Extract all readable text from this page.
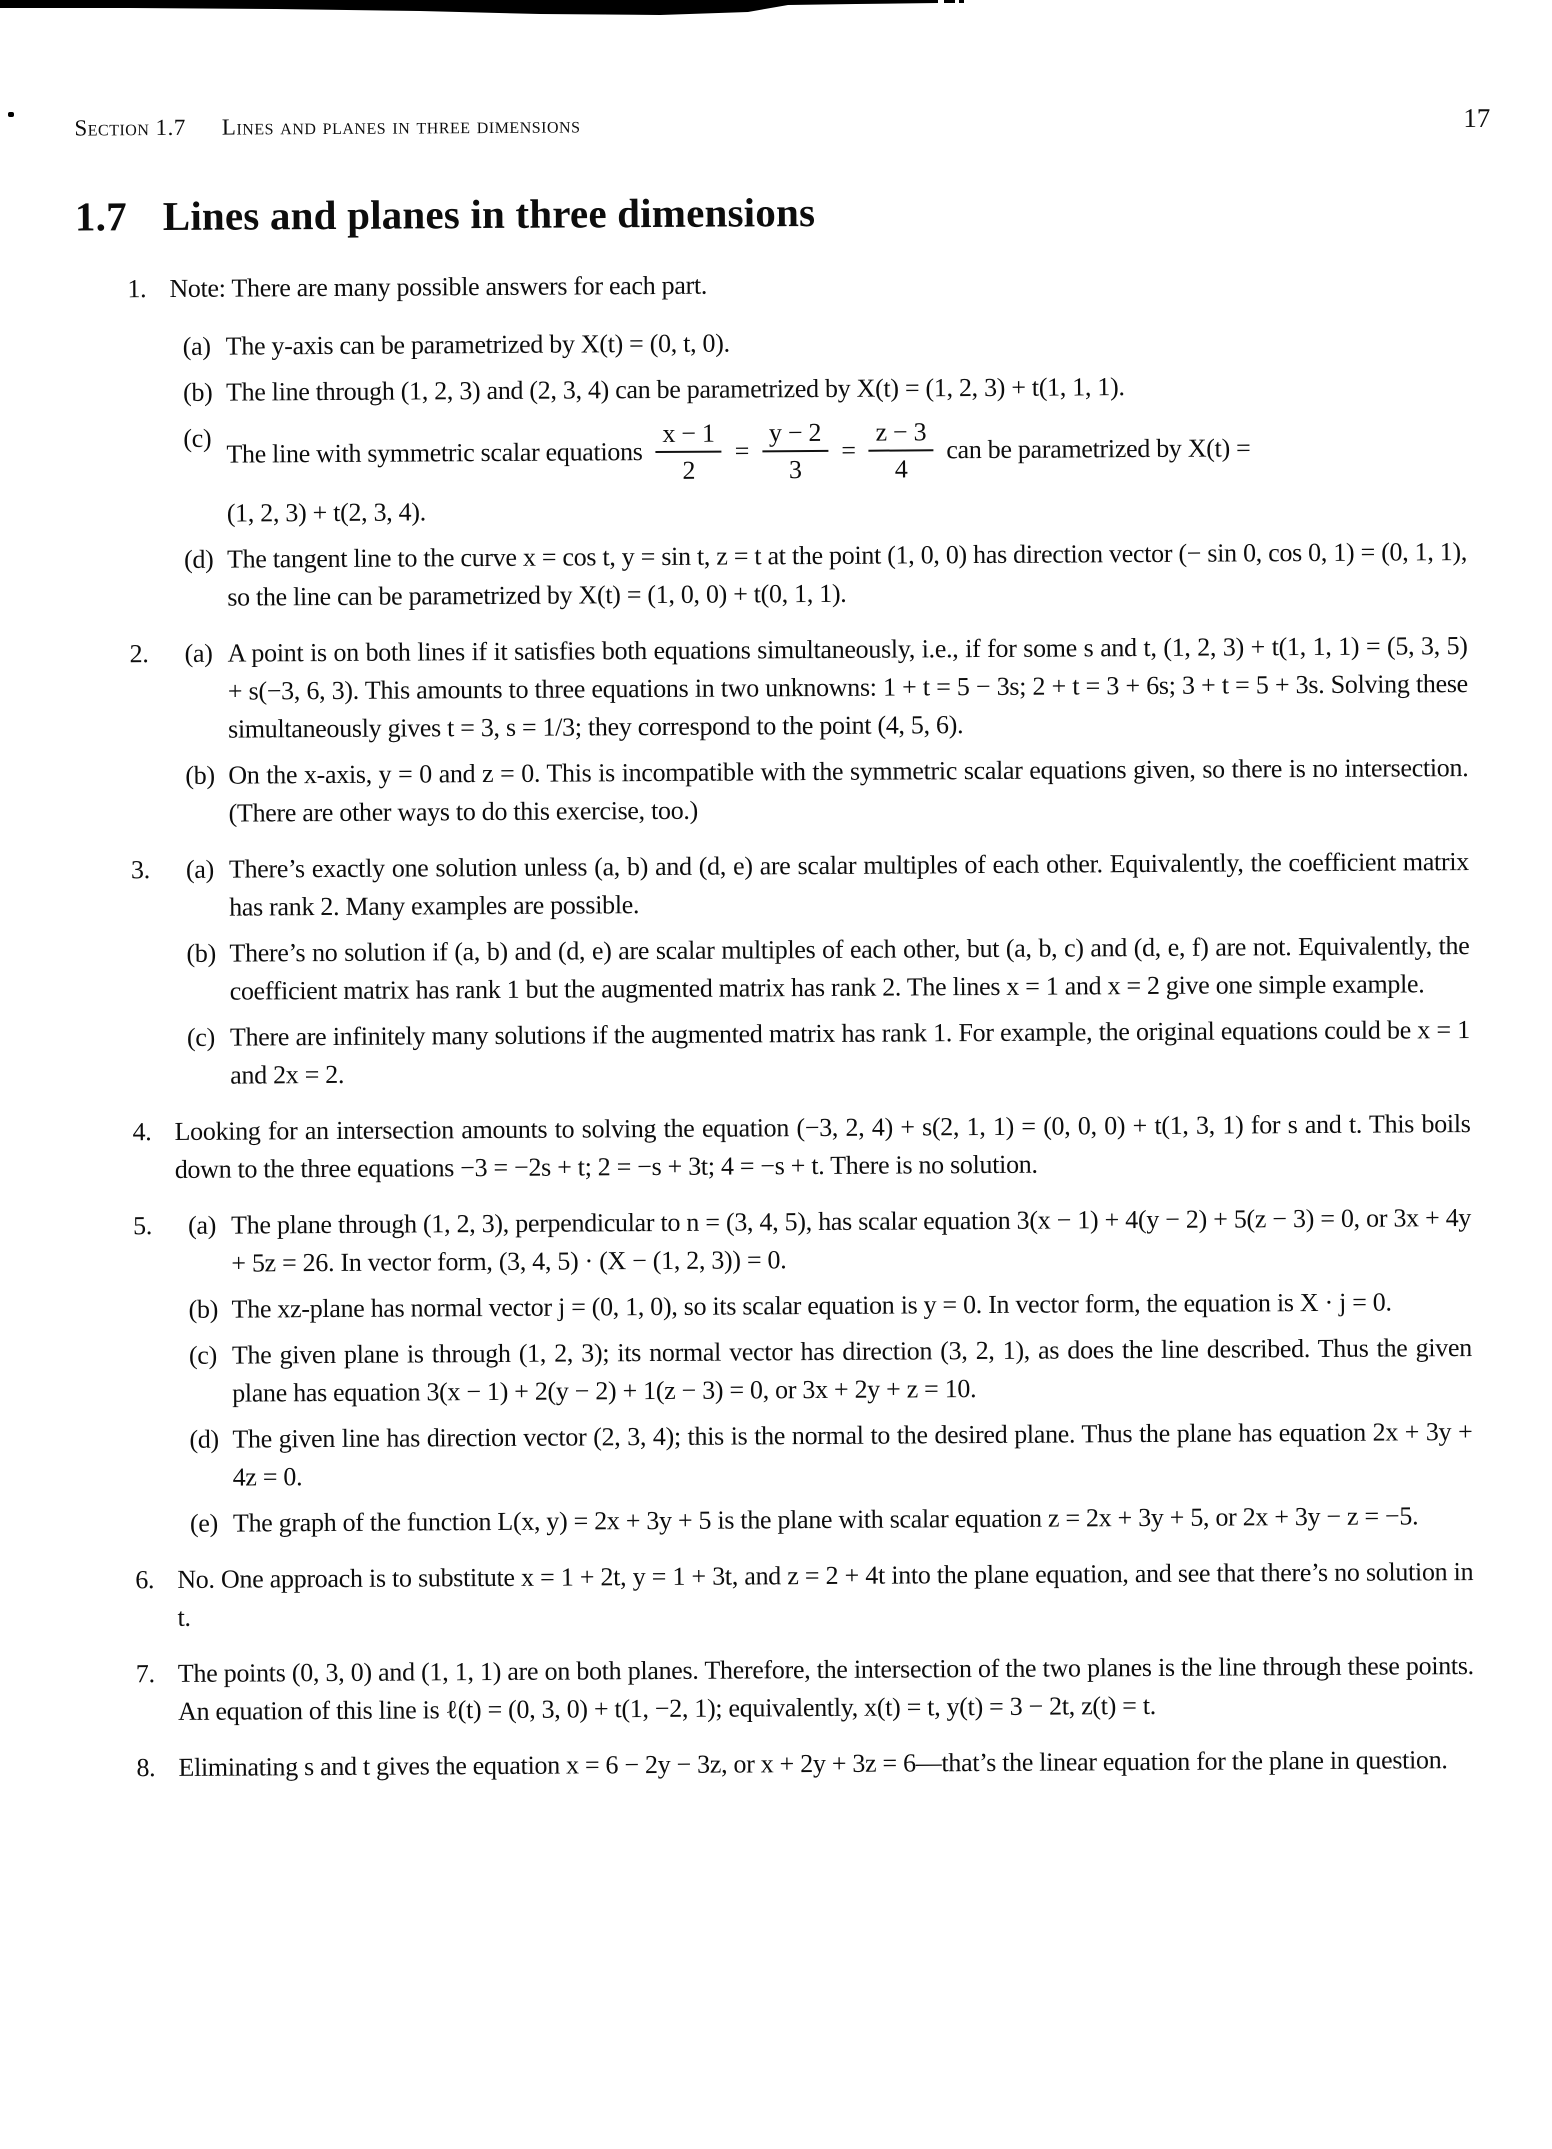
Section 1.7 Lines and planes in three dimensions	17
1.7 Lines and planes in three dimensions
1. Note: There are many possible answers for each part.
(a) The y-axis can be parametrized by X(t) = (0, t, 0).
(b) The line through (1, 2, 3) and (2, 3, 4) can be parametrized by X(t) = (1, 2, 3) + t(1, 1, 1).
(c) The line with symmetric scalar equations $\frac{x - 1}{2} = \frac{y - 2}{3} = \frac{z - 3}{4}$ can be parametrized by X(t) =
(1, 2, 3) + t(2, 3, 4).
(d) The tangent line to the curve x = cos t, y = sin t, z = t at the point (1, 0, 0) has direction vector (− sin 0, cos 0, 1) = (0, 1, 1), so the line can be parametrized by X(t) = (1, 0, 0) + t(0, 1, 1).
2.	(a) A point is on both lines if it satisfies both equations simultaneously, i.e., if for some s and t, (1, 2, 3) + t(1, 1, 1) = (5, 3, 5) + s(−3, 6, 3). This amounts to three equations in two unknowns: 1 + t = 5 − 3s; 2 + t = 3 + 6s; 3 + t = 5 + 3s. Solving these simultaneously gives t = 3, s = 1/3; they correspond to the point (4, 5, 6).
(b) On the x-axis, y = 0 and z = 0. This is incompatible with the symmetric scalar equations given, so there is no intersection. (There are other ways to do this exercise, too.)
3.	(a) There’s exactly one solution unless (a, b) and (d, e) are scalar multiples of each other. Equivalently, the coefficient matrix has rank 2. Many examples are possible.
(b) There’s no solution if (a, b) and (d, e) are scalar multiples of each other, but (a, b, c) and (d, e, f) are not. Equivalently, the coefficient matrix has rank 1 but the augmented matrix has rank 2. The lines x = 1 and x = 2 give one simple example.
(c) There are infinitely many solutions if the augmented matrix has rank 1. For example, the original equations could be x = 1 and 2x = 2.
4. Looking for an intersection amounts to solving the equation (−3, 2, 4) + s(2, 1, 1) = (0, 0, 0) + t(1, 3, 1) for s and t. This boils down to the three equations −3 = −2s + t; 2 = −s + 3t; 4 = −s + t. There is no solution.
5.	(a) The plane through (1, 2, 3), perpendicular to n = (3, 4, 5), has scalar equation 3(x − 1) + 4(y − 2) + 5(z − 3) = 0, or 3x + 4y + 5z = 26. In vector form, (3, 4, 5) · (X − (1, 2, 3)) = 0.
(b) The xz-plane has normal vector j = (0, 1, 0), so its scalar equation is y = 0. In vector form, the equation is X · j = 0.
(c) The given plane is through (1, 2, 3); its normal vector has direction (3, 2, 1), as does the line described. Thus the given plane has equation 3(x − 1) + 2(y − 2) + 1(z − 3) = 0, or 3x + 2y + z = 10.
(d) The given line has direction vector (2, 3, 4); this is the normal to the desired plane. Thus the plane has equation 2x + 3y + 4z = 0.
(e) The graph of the function L(x, y) = 2x + 3y + 5 is the plane with scalar equation z = 2x + 3y + 5, or 2x + 3y − z = −5.
6. No. One approach is to substitute x = 1 + 2t, y = 1 + 3t, and z = 2 + 4t into the plane equation, and see that there’s no solution in t.
7. The points (0, 3, 0) and (1, 1, 1) are on both planes. Therefore, the intersection of the two planes is the line through these points. An equation of this line is ℓ(t) = (0, 3, 0) + t(1, −2, 1); equivalently, x(t) = t, y(t) = 3 − 2t, z(t) = t.
8. Eliminating s and t gives the equation x = 6 − 2y − 3z, or x + 2y + 3z = 6—that’s the linear equation for the plane in question.
